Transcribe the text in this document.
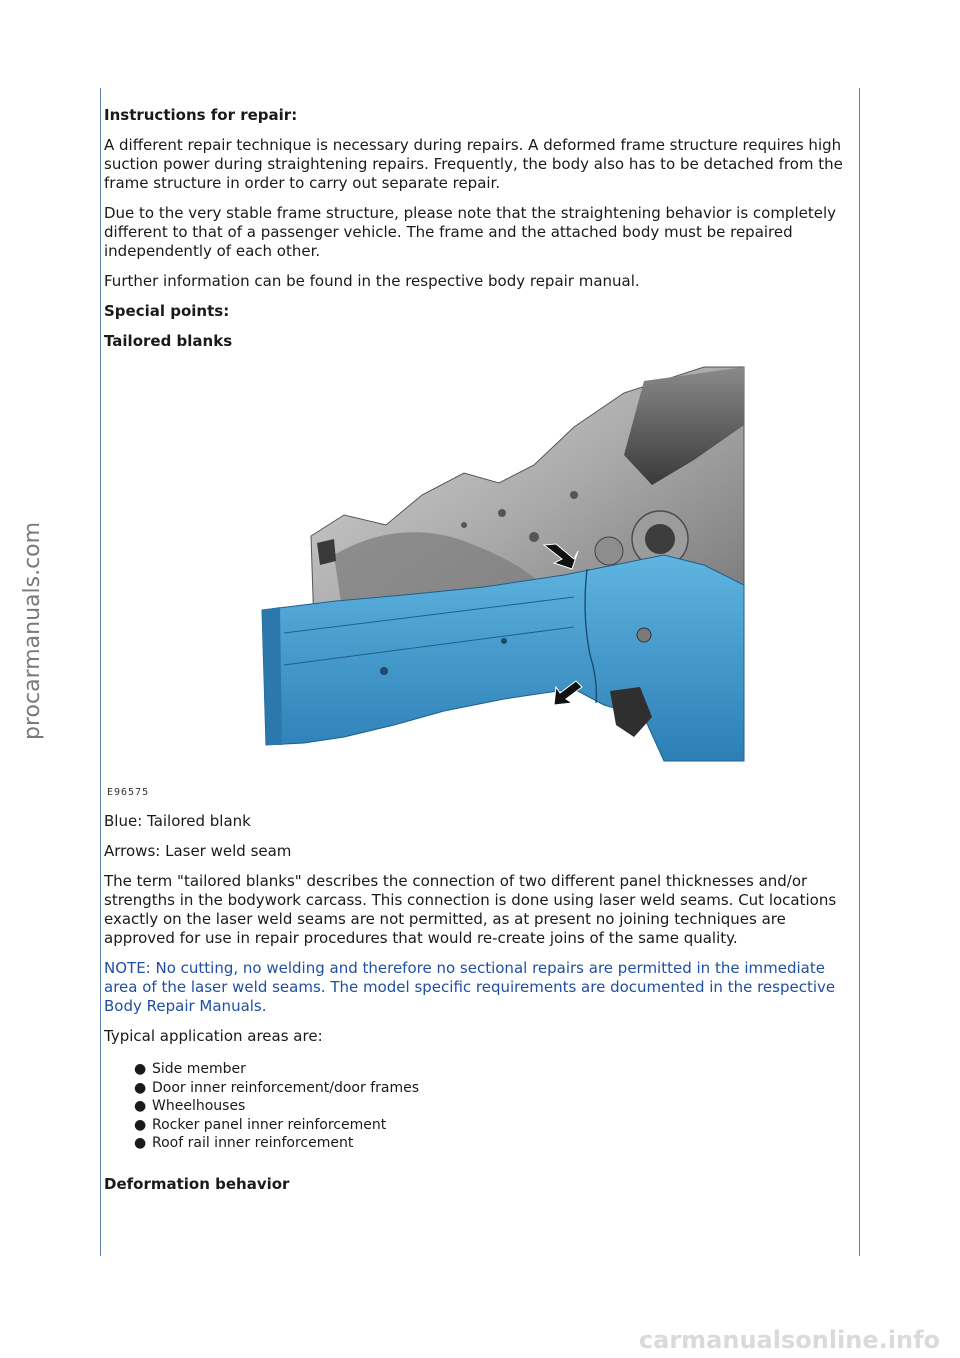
procarmanuals.com
carmanualsonline.info

Instructions for repair:

A different repair technique is necessary during repairs. A deformed frame structure requires high suction power during straightening repairs. Frequently, the body also has to be detached from the frame structure in order to carry out separate repair.

Due to the very stable frame structure, please note that the straightening behavior is completely different to that of a passenger vehicle. The frame and the attached body must be repaired independently of each other.

Further information can be found in the respective body repair manual.

Special points:

Tailored blanks

E96575

Blue: Tailored blank

Arrows: Laser weld seam

The term "tailored blanks" describes the connection of two different panel thicknesses and/or strengths in the bodywork carcass. This connection is done using laser weld seams. Cut locations exactly on the laser weld seams are not permitted, as at present no joining techniques are approved for use in repair procedures that would re-create joins of the same quality.

NOTE: No cutting, no welding and therefore no sectional repairs are permitted in the immediate area of the laser weld seams. The model specific requirements are documented in the respective Body Repair Manuals.

Typical application areas are:

● Side member
● Door inner reinforcement/door frames
● Wheelhouses
● Rocker panel inner reinforcement
● Roof rail inner reinforcement

Deformation behavior
